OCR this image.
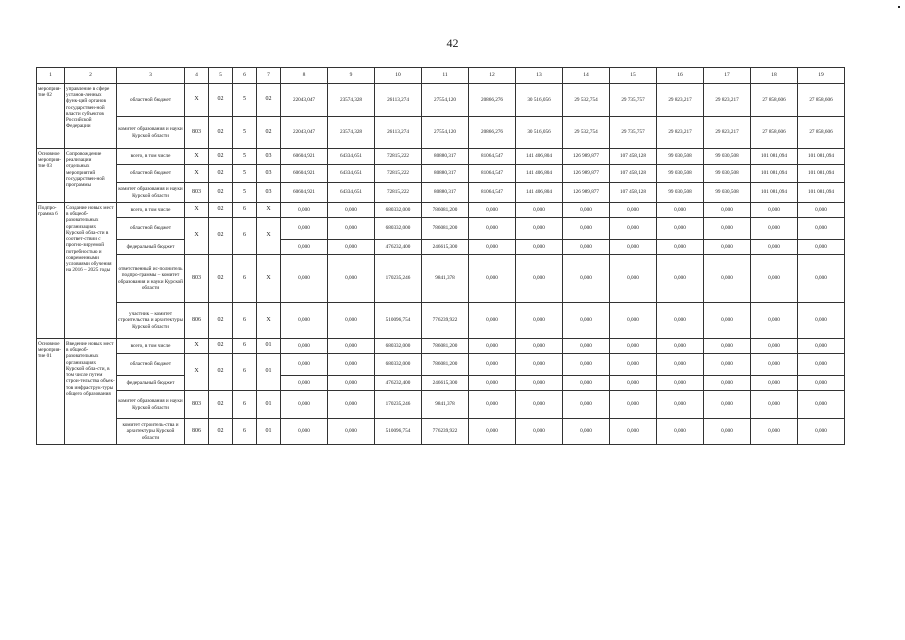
42
1	2	3	4	5	6	7	8	9	10	11	12	13	14	15	16	17	18	19
мероприя-тие 02	управление в сфере установ-ленных функ-ций органов государствен-ной власти субъектов Российской Федерации	областной бюджет	X	02	5	02	22043,047	23574,328	26113,274	27554,120	20866,276	30 516,056	29 532,754	29 735,757	29 823,217	29 823,217	27 858,606	27 858,606
		комитет образования и науки Курской области	803	02	5	02	22043,047	23574,328	26113,274	27554,120	20866,276	30 516,056	29 532,754	29 735,757	29 823,217	29 823,217	27 858,606	27 858,606
Основное мероприя-тие 03	Сопровождение реализации отдельных мероприятий государствен-ной программы	всего, в том числе	X	02	5	03	60604,921	64334,651	72815,222	80880,317	81064,547	141 406,804	126 989,877	107 458,128	99 030,508	99 030,508	101 081,094	101 081,094
		областной бюджет	X	02	5	03	60604,921	64334,651	72815,222	80880,317	81064,547	141 406,804	126 989,877	107 458,128	99 030,508	99 030,508	101 081,094	101 081,094
		комитет образования и науки Курской области	803	02	5	03	60604,921	64334,651	72815,222	80880,317	81064,547	141 406,804	126 989,877	107 458,128	99 030,508	99 030,508	101 081,094	101 081,094
Подпро-грамма 6	Создание новых мест в общеоб-разовательных организациях Курской обла-сти в соответ-ствии с прогно-зируемой потребностью и современными условиями обучения на 2016 – 2025 годы	всего, в том числе	X	02	6	X	0,000	0,000	680332,000	786081,200	0,000	0,000	0,000	0,000	0,000	0,000	0,000	0,000
		областной бюджет	X	02	6	X	0,000	0,000	680332,000	786081,200	0,000	0,000	0,000	0,000	0,000	0,000	0,000	0,000
		федеральный бюджет					0,000	0,000	476232,400	246615,300	0,000	0,000	0,000	0,000	0,000	0,000	0,000	0,000
		ответственный ис-полнитель подпро-граммы – комитет образования и науки Курской области	803	02	6	X	0,000	0,000	170235,246	9841,378	0,000	0,000	0,000	0,000	0,000	0,000	0,000	0,000
		участник – комитет строительства и архитектуры Курской области	806	02	6	X	0,000	0,000	510096,754	776239,922	0,000	0,000	0,000	0,000	0,000	0,000	0,000	0,000
Основное мероприя-тие 01	Введение новых мест в общеоб-разовательных организациях Курской обла-сти, в том числе путем строи-тельства объек-тов инфраструк-туры общего образования	всего, в том числе	X	02	6	01	0,000	0,000	680332,000	786081,200	0,000	0,000	0,000	0,000	0,000	0,000	0,000	0,000
		областной бюджет	X	02	6	01	0,000	0,000	680332,000	786081,200	0,000	0,000	0,000	0,000	0,000	0,000	0,000	0,000
		федеральный бюджет					0,000	0,000	476232,400	246615,300	0,000	0,000	0,000	0,000	0,000	0,000	0,000	0,000
		комитет образования и науки Курской области	803	02	6	01	0,000	0,000	170235,246	9841,378	0,000	0,000	0,000	0,000	0,000	0,000	0,000	0,000
		комитет строитель-ства и архитектуры Курской области	806	02	6	01	0,000	0,000	510096,754	776239,922	0,000	0,000	0,000	0,000	0,000	0,000	0,000	0,000
